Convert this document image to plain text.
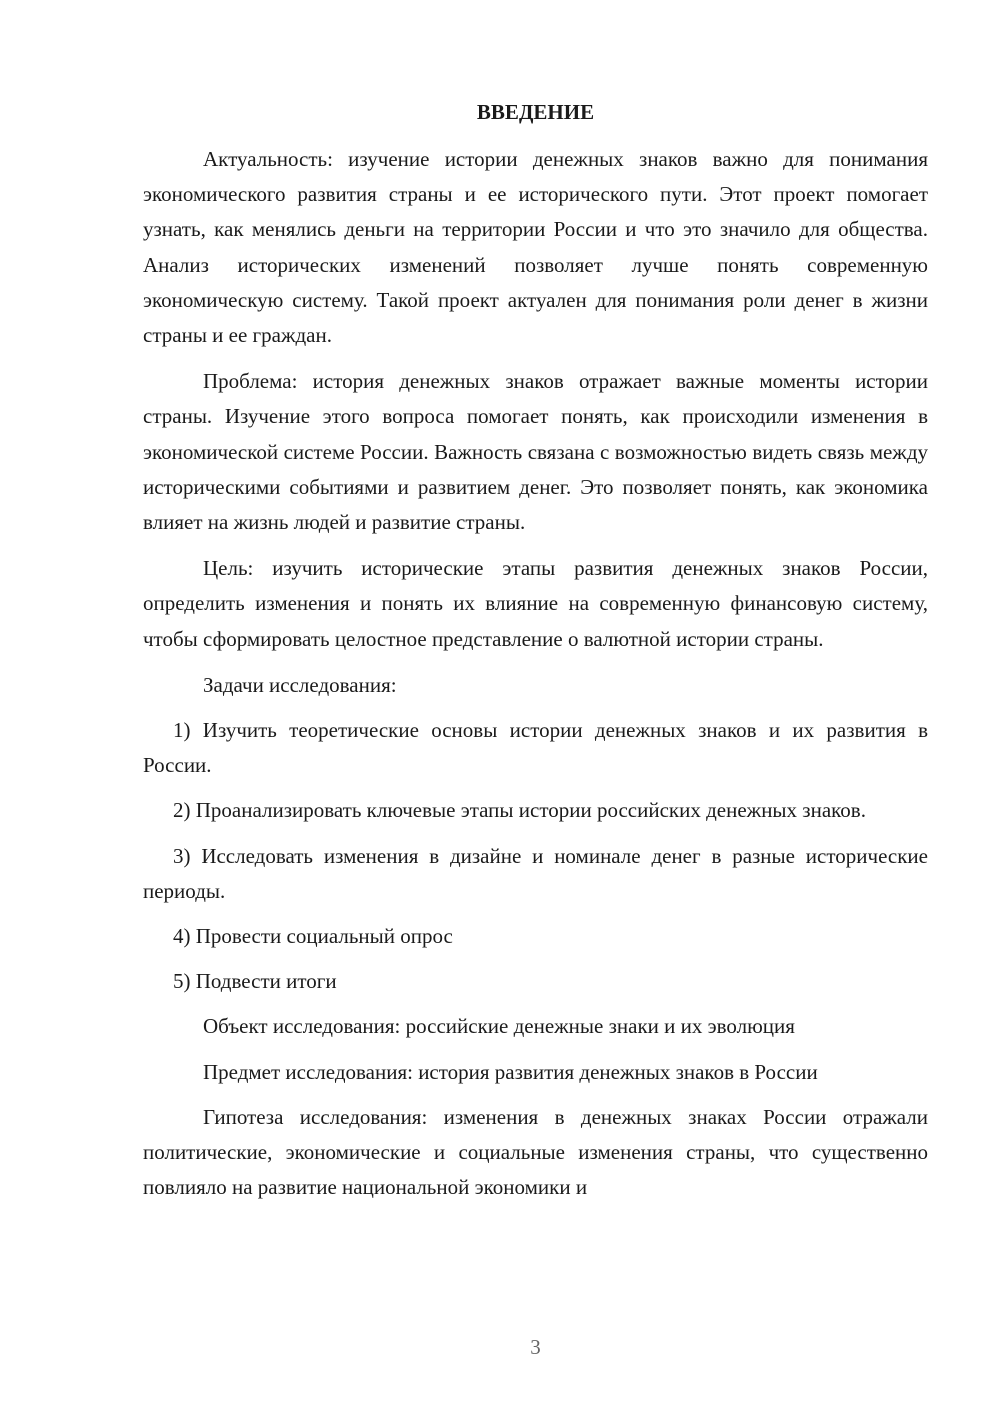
ВВЕДЕНИЕ

Актуальность: изучение истории денежных знаков важно для понимания экономического развития страны и ее исторического пути. Этот проект помогает узнать, как менялись деньги на территории России и что это значило для общества. Анализ исторических изменений позволяет лучше понять современную экономическую систему. Такой проект актуален для понимания роли денег в жизни страны и ее граждан.

Проблема: история денежных знаков отражает важные моменты истории страны. Изучение этого вопроса помогает понять, как происходили изменения в экономической системе России. Важность связана с возможностью видеть связь между историческими событиями и развитием денег. Это позволяет понять, как экономика влияет на жизнь людей и развитие страны.

Цель: изучить исторические этапы развития денежных знаков России, определить изменения и понять их влияние на современную финансовую систему, чтобы сформировать целостное представление о валютной истории страны.

Задачи исследования:

1) Изучить теоретические основы истории денежных знаков и их развития в России.

2) Проанализировать ключевые этапы истории российских денежных знаков.

3) Исследовать изменения в дизайне и номинале денег в разные исторические периоды.

4) Провести социальный опрос

5) Подвести итоги

Объект исследования: российские денежные знаки и их эволюция

Предмет исследования: история развития денежных знаков в России

Гипотеза исследования: изменения в денежных знаках России отражали политические, экономические и социальные изменения страны, что существенно повлияло на развитие национальной экономики и

3
